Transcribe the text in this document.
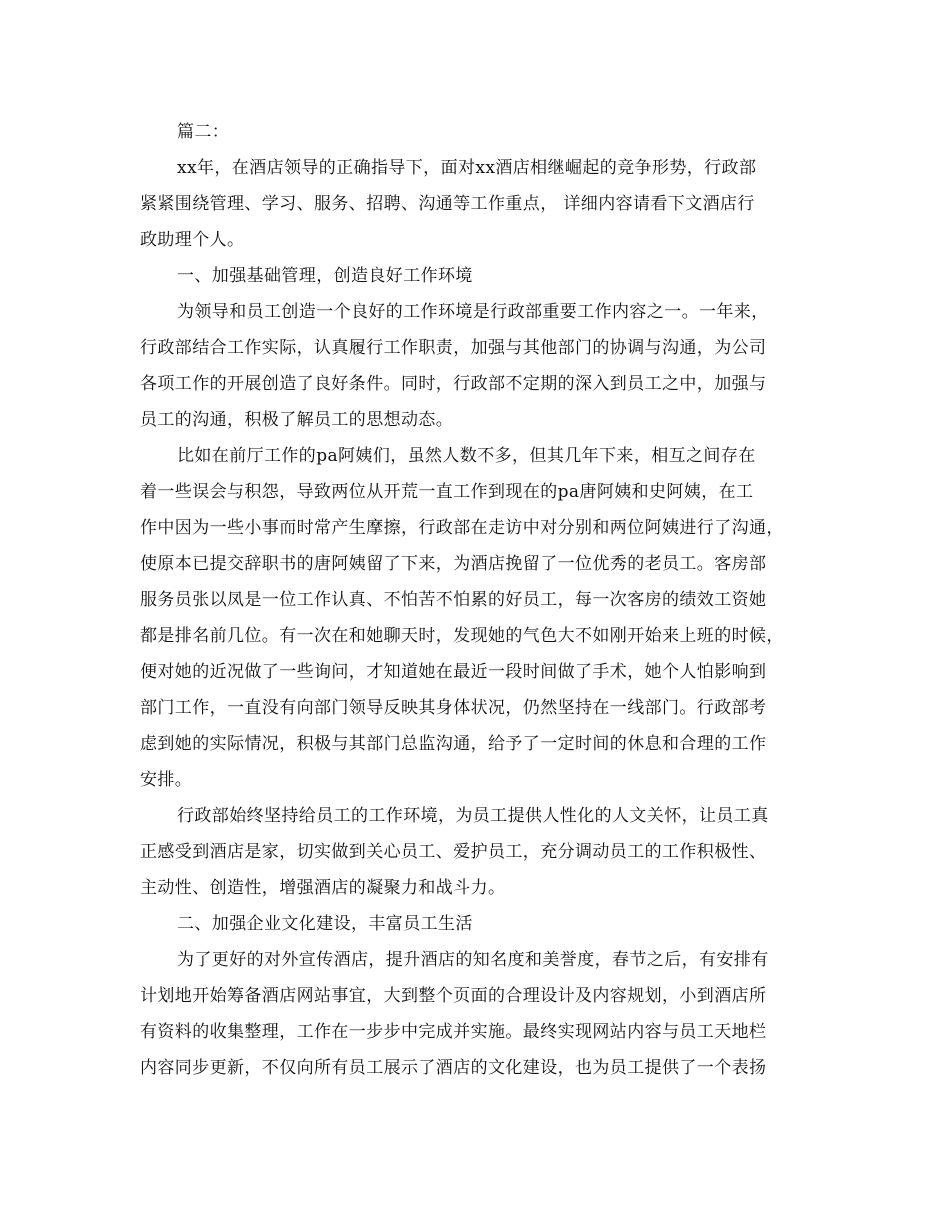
篇二：
xx年，在酒店领导的正确指导下，面对xx酒店相继崛起的竞争形势，行政部
紧紧围绕管理、学习、服务、招聘、沟通等工作重点， 详细内容请看下文酒店行
政助理个人。
一、加强基础管理，创造良好工作环境
为领导和员工创造一个良好的工作环境是行政部重要工作内容之一。一年来，
行政部结合工作实际，认真履行工作职责，加强与其他部门的协调与沟通，为公司
各项工作的开展创造了良好条件。同时，行政部不定期的深入到员工之中，加强与
员工的沟通，积极了解员工的思想动态。
比如在前厅工作的pa阿姨们，虽然人数不多，但其几年下来，相互之间存在
着一些误会与积怨，导致两位从开荒一直工作到现在的pa唐阿姨和史阿姨，在工
作中因为一些小事而时常产生摩擦，行政部在走访中对分别和两位阿姨进行了沟通，
使原本已提交辞职书的唐阿姨留了下来，为酒店挽留了一位优秀的老员工。客房部
服务员张以凤是一位工作认真、不怕苦不怕累的好员工，每一次客房的绩效工资她
都是排名前几位。有一次在和她聊天时，发现她的气色大不如刚开始来上班的时候，
便对她的近况做了一些询问，才知道她在最近一段时间做了手术，她个人怕影响到
部门工作，一直没有向部门领导反映其身体状况，仍然坚持在一线部门。行政部考
虑到她的实际情况，积极与其部门总监沟通，给予了一定时间的休息和合理的工作
安排。
行政部始终坚持给员工的工作环境，为员工提供人性化的人文关怀，让员工真
正感受到酒店是家，切实做到关心员工、爱护员工，充分调动员工的工作积极性、
主动性、创造性，增强酒店的凝聚力和战斗力。
二、加强企业文化建设，丰富员工生活
为了更好的对外宣传酒店，提升酒店的知名度和美誉度，春节之后，有安排有
计划地开始筹备酒店网站事宜，大到整个页面的合理设计及内容规划，小到酒店所
有资料的收集整理，工作在一步步中完成并实施。最终实现网站内容与员工天地栏
内容同步更新，不仅向所有员工展示了酒店的文化建设，也为员工提供了一个表扬
